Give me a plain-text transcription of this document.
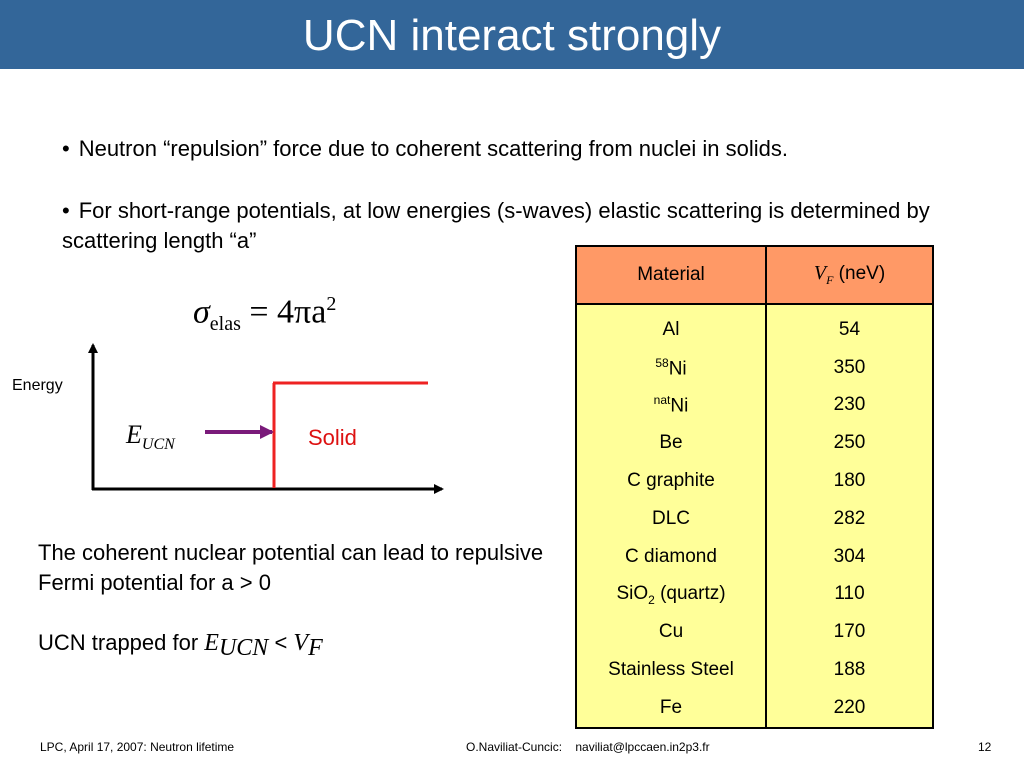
UCN interact strongly
• Neutron “repulsion” force due to coherent scattering from nuclei in solids.
• For short-range potentials, at low energies (s-waves) elastic scattering is determined by scattering length “a”
$\sigma_{elas} = 4\pi a^2$
Energy
$E_{UCN}$	Solid
The coherent nuclear potential can lead to repulsive Fermi potential for a > 0
UCN trapped for $E_{UCN} < V_F$
Material	$V_F$ (neV)
Al	54
$^{58}$Ni	350
$^{nat}$Ni	230
Be	250
C graphite	180
DLC	282
C diamond	304
SiO$_2$ (quartz)	110
Cu	170
Stainless Steel	188
Fe	220
LPC, April 17, 2007: Neutron lifetime	O.Naviliat-Cuncic:    naviliat@lpccaen.in2p3.fr	12
